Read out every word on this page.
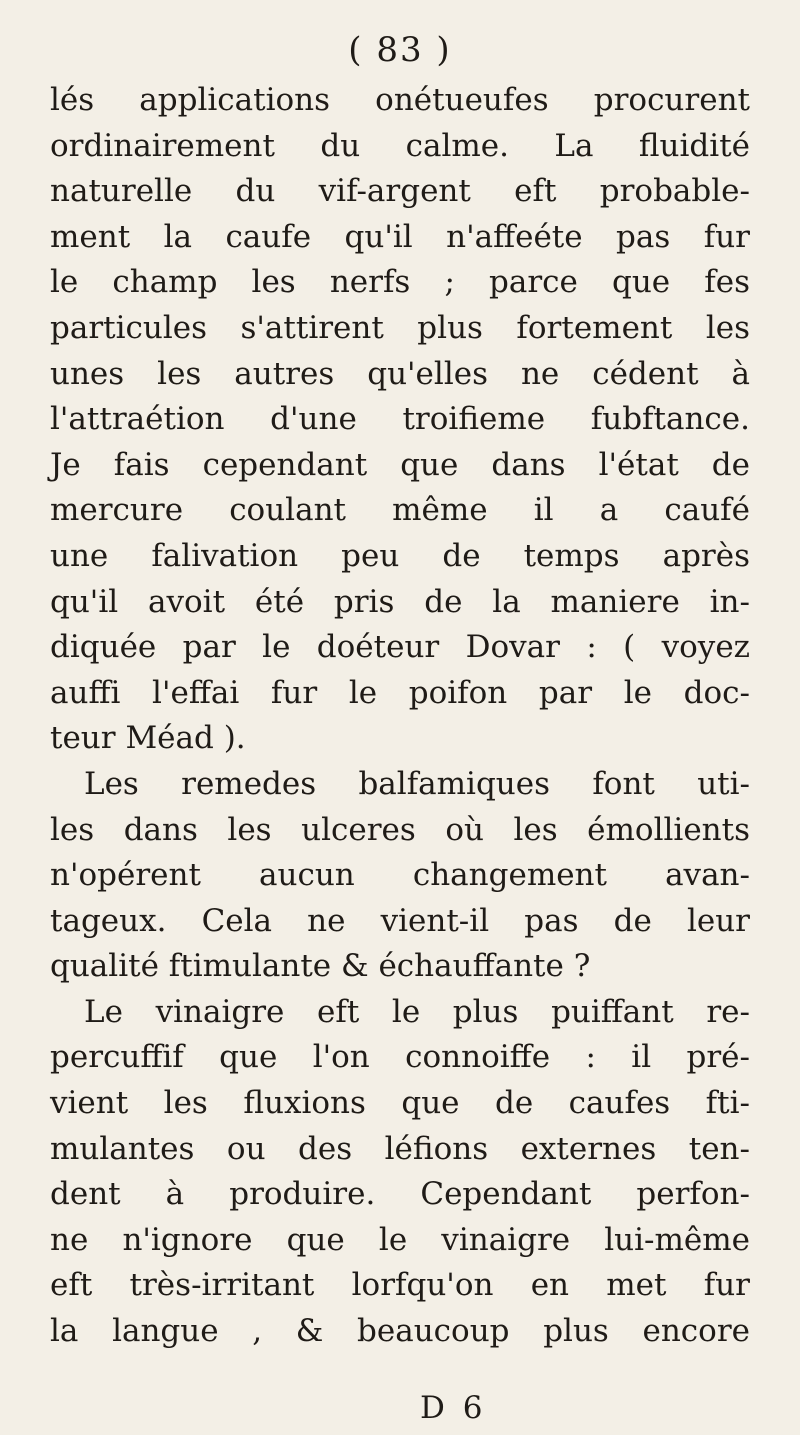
( 83 )
lés applications onétueufes procurent
ordinairement du calme. La fluidité
naturelle du vif-argent eft probable-
ment la caufe qu'il n'affeéte pas fur
le champ les nerfs ; parce que fes
particules s'attirent plus fortement les
unes les autres qu'elles ne cédent à
l'attraétion d'une troifieme fubftance.
Je fais cependant que dans l'état de
mercure coulant même il a caufé
une falivation peu de temps après
qu'il avoit été pris de la maniere in-
diquée par le doéteur Dovar : ( voyez
auffi l'effai fur le poifon par le doc-
teur Méad ).
Les remedes balfamiques font uti-
les dans les ulceres où les émollients
n'opérent aucun changement avan-
tageux. Cela ne vient-il pas de leur
qualité ftimulante & échauffante ?
Le vinaigre eft le plus puiffant re-
percuffif que l'on connoiffe : il pré-
vient les fluxions que de caufes fti-
mulantes ou des léfions externes ten-
dent à produire. Cependant perfon-
ne n'ignore que le vinaigre lui-même
eft très-irritant lorfqu'on en met fur
la langue , & beaucoup plus encore
D 6
